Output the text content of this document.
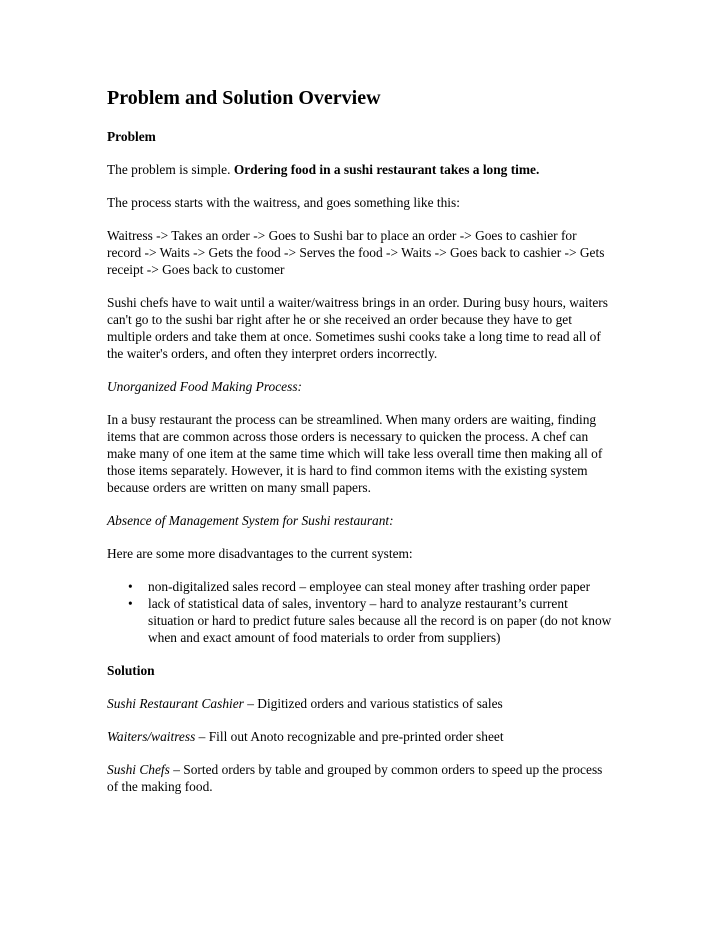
Problem and Solution Overview
Problem

The problem is simple. Ordering food in a sushi restaurant takes a long time.

The process starts with the waitress, and goes something like this:

Waitress -> Takes an order -> Goes to Sushi bar to place an order -> Goes to cashier for record -> Waits -> Gets the food -> Serves the food -> Waits -> Goes back to cashier -> Gets receipt -> Goes back to customer

Sushi chefs have to wait until a waiter/waitress brings in an order. During busy hours, waiters can't go to the sushi bar right after he or she received an order because they have to get multiple orders and take them at once. Sometimes sushi cooks take a long time to read all of the waiter's orders, and often they interpret orders incorrectly.

Unorganized Food Making Process:

In a busy restaurant the process can be streamlined. When many orders are waiting, finding items that are common across those orders is necessary to quicken the process. A chef can make many of one item at the same time which will take less overall time then making all of those items separately. However, it is hard to find common items with the existing system because orders are written on many small papers.

Absence of Management System for Sushi restaurant:

Here are some more disadvantages to the current system:

• non-digitalized sales record – employee can steal money after trashing order paper
• lack of statistical data of sales, inventory – hard to analyze restaurant’s current situation or hard to predict future sales because all the record is on paper (do not know when and exact amount of food materials to order from suppliers)
Solution

Sushi Restaurant Cashier – Digitized orders and various statistics of sales

Waiters/waitress – Fill out Anoto recognizable and pre-printed order sheet

Sushi Chefs – Sorted orders by table and grouped by common orders to speed up the process of the making food.
